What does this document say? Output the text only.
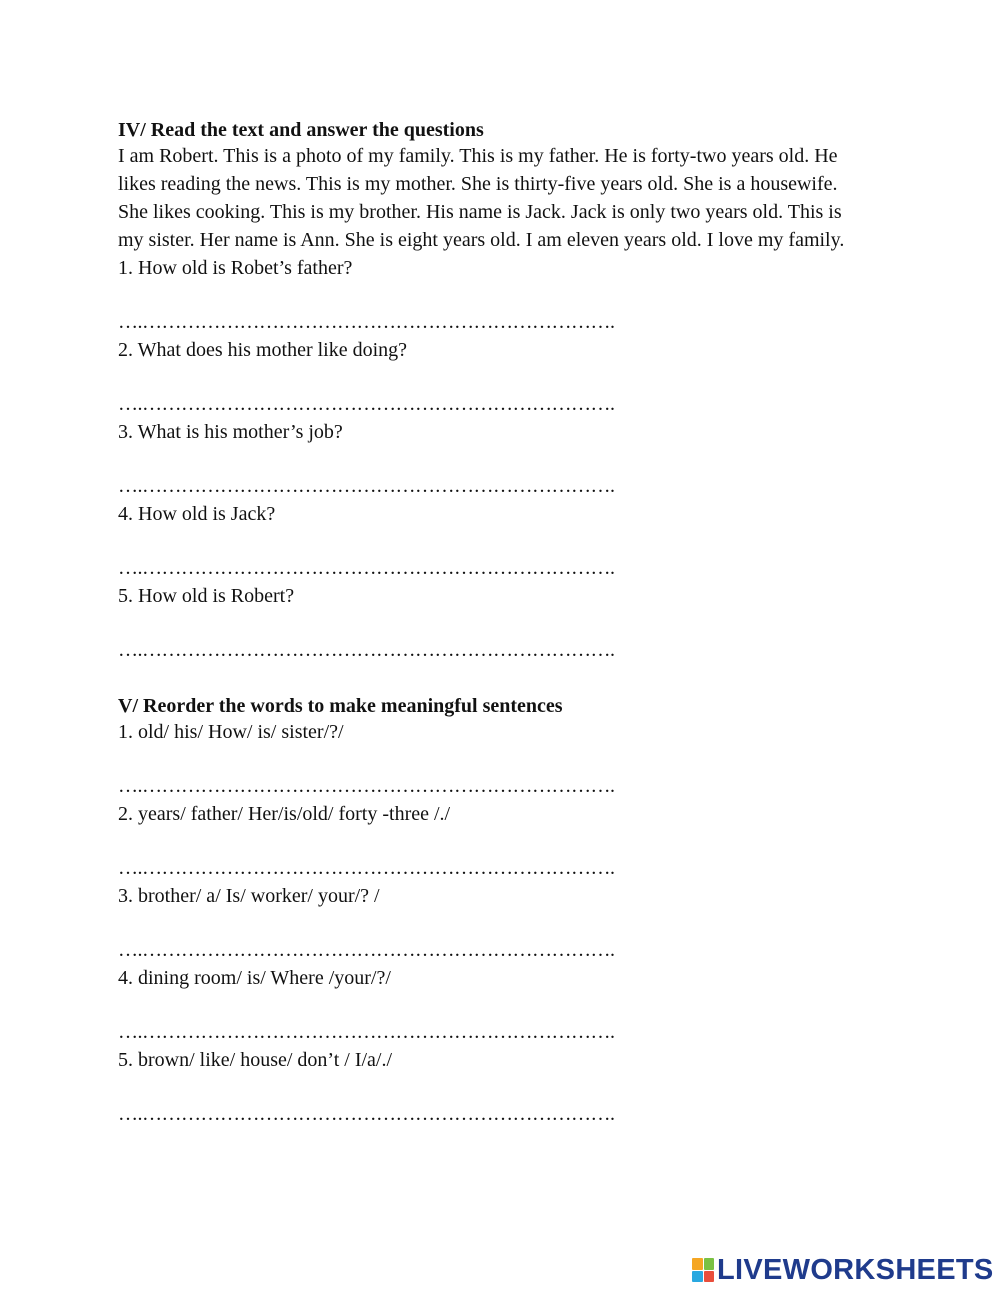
IV/ Read the text and answer the questions

I am Robert. This is a photo of my family. This is my father. He is forty-two years old. He likes reading the news. This is my mother. She is thirty-five years old. She is a housewife. She likes cooking. This is my brother. His name is Jack. Jack is only two years old. This is my sister. Her name is Ann. She is eight years old. I am eleven years old. I love my family.

1. How old is Robet’s father?
….……………………………………………………………….
2. What does his mother like doing?
….……………………………………………………………….
3. What is his mother’s job?
….……………………………………………………………….
4. How old is Jack?
….……………………………………………………………….
5. How old is Robert?
….……………………………………………………………….

V/ Reorder the words to make meaningful sentences

1. old/ his/ How/ is/ sister/?/
….……………………………………………………………….
2. years/ father/ Her/is/old/ forty -three /./
….……………………………………………………………….
3. brother/ a/ Is/ worker/ your/? /
….……………………………………………………………….
4. dining room/ is/ Where /your/?/
….……………………………………………………………….
5. brown/ like/ house/ don’t / I/a/./
….……………………………………………………………….
LIVEWORKSHEETS
